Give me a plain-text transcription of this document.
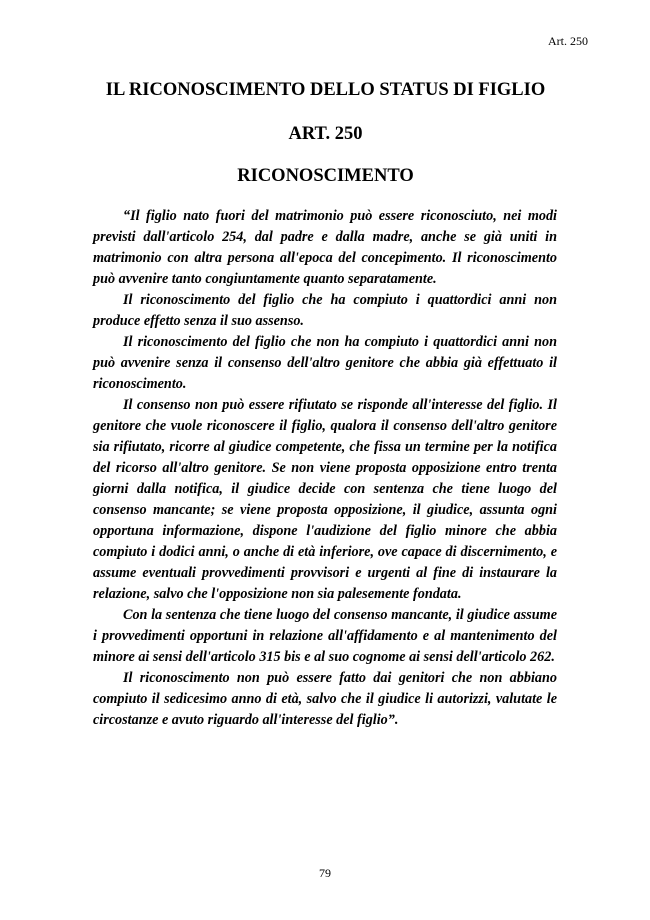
Art. 250
IL RICONOSCIMENTO DELLO STATUS DI FIGLIO
ART. 250
RICONOSCIMENTO

“Il figlio nato fuori del matrimonio può essere riconosciuto, nei modi previsti dall'articolo 254, dal padre e dalla madre, anche se già uniti in matrimonio con altra persona all'epoca del concepimento. Il riconoscimento può avvenire tanto congiuntamente quanto separatamente.

Il riconoscimento del figlio che ha compiuto i quattordici anni non produce effetto senza il suo assenso.

Il riconoscimento del figlio che non ha compiuto i quattordici anni non può avvenire senza il consenso dell'altro genitore che abbia già effettuato il riconoscimento.

Il consenso non può essere rifiutato se risponde all'interesse del figlio. Il genitore che vuole riconoscere il figlio, qualora il consenso dell'altro genitore sia rifiutato, ricorre al giudice competente, che fissa un termine per la notifica del ricorso all'altro genitore. Se non viene proposta opposizione entro trenta giorni dalla notifica, il giudice decide con sentenza che tiene luogo del consenso mancante; se viene proposta opposizione, il giudice, assunta ogni opportuna informazione, dispone l'audizione del figlio minore che abbia compiuto i dodici anni, o anche di età inferiore, ove capace di discernimento, e assume eventuali provvedimenti provvisori e urgenti al fine di instaurare la relazione, salvo che l'opposizione non sia palesemente fondata.

Con la sentenza che tiene luogo del consenso mancante, il giudice assume i provvedimenti opportuni in relazione all'affidamento e al mantenimento del minore ai sensi dell'articolo 315 bis e al suo cognome ai sensi dell'articolo 262.

Il riconoscimento non può essere fatto dai genitori che non abbiano compiuto il sedicesimo anno di età, salvo che il giudice li autorizzi, valutate le circostanze e avuto riguardo all'interesse del figlio”.

79
